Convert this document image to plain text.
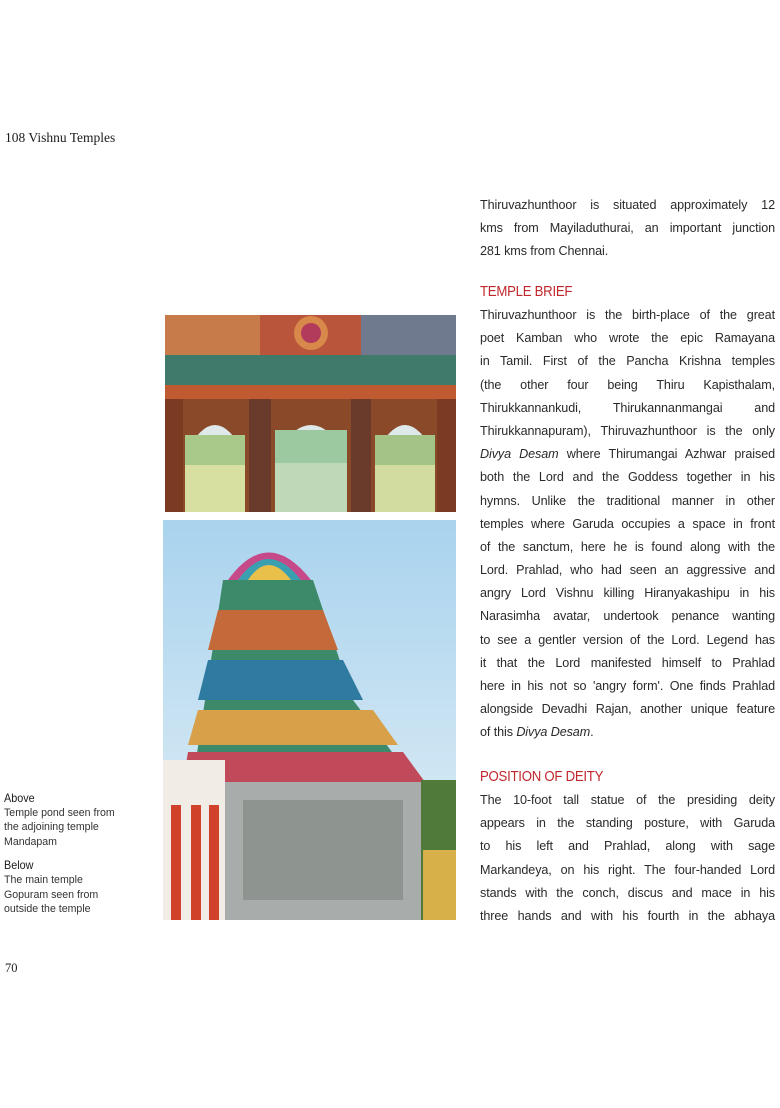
108 Vishnu Temples
Above
Temple pond seen from
the adjoining temple
Mandapam
Below
The main temple
Gopuram seen from
outside the temple
Thiruvazhunthoor is situated approximately 12
kms from Mayiladuthurai, an important junction
281 kms from Chennai.
TEMPLE BRIEF
Thiruvazhunthoor is the birth-place of the great
poet Kamban who wrote the epic Ramayana
in Tamil. First of the Pancha Krishna temples
(the other four being Thiru Kapisthalam,
Thirukkannankudi, Thirukannanmangai and
Thirukkannapuram), Thiruvazhunthoor is the only
Divya Desam where Thirumangai Azhwar praised
both the Lord and the Goddess together in his
hymns. Unlike the traditional manner in other
temples where Garuda occupies a space in front
of the sanctum, here he is found along with the
Lord. Prahlad, who had seen an aggressive and
angry Lord Vishnu killing Hiranyakashipu in his
Narasimha avatar, undertook penance wanting
to see a gentler version of the Lord. Legend has
it that the Lord manifested himself to Prahlad
here in his not so 'angry form'. One finds Prahlad
alongside Devadhi Rajan, another unique feature
of this Divya Desam .
POSITION OF DEITY
The 10-foot tall statue of the presiding deity
appears in the standing posture, with Garuda
to his left and Prahlad, along with sage
Markandeya, on his right. The four-handed Lord
stands with the conch, discus and mace in his
three hands and with his fourth in the abhaya
70
